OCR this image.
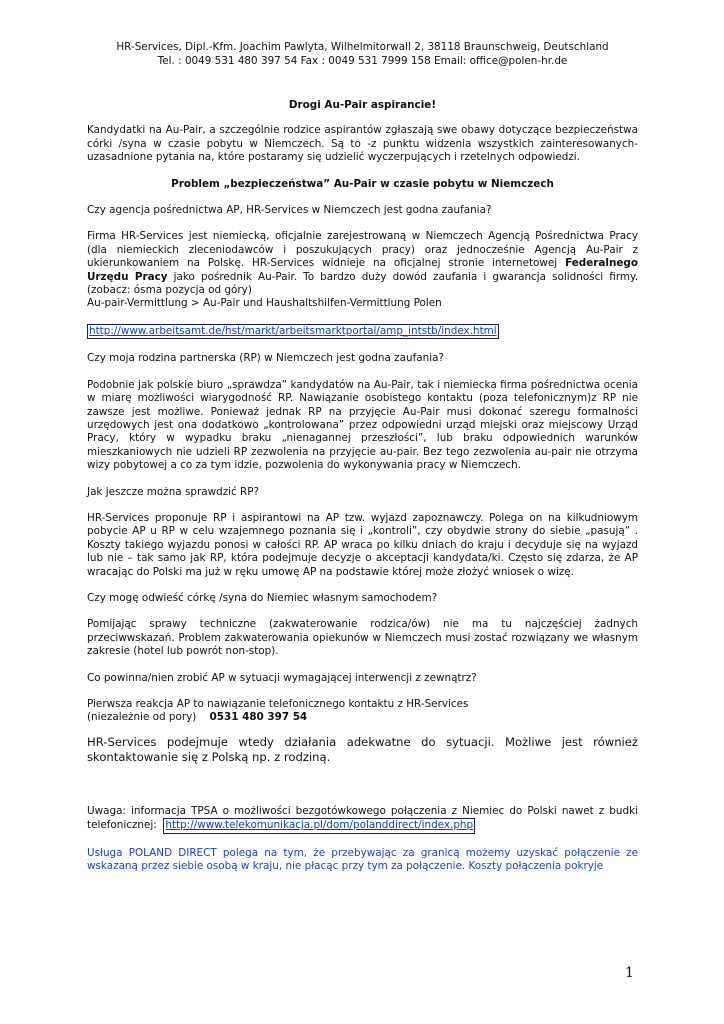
HR-Services, Dipl.-Kfm. Joachim Pawlyta, Wilhelmitorwall 2, 38118 Braunschweig, Deutschland
Tel. : 0049 531 480 397 54 Fax : 0049 531 7999 158 Email: office@polen-hr.de
Drogi Au-Pair aspirancie!

Kandydatki na Au-Pair, a szczególnie rodzice aspirantów zgłaszają swe obawy dotyczące bezpieczeństwa córki /syna w czasie pobytu w Niemczech. Są to -z punktu widzenia wszystkich zainteresowanych- uzasadnione pytania na, które postaramy się udzielić wyczerpujących i rzetelnych odpowiedzi.

Problem „bezpieczeństwa” Au-Pair w czasie pobytu w Niemczech

Czy agencja pośrednictwa AP, HR-Services w Niemczech jest godna zaufania?

Firma HR-Services jest niemiecką, oficjalnie zarejestrowaną w Niemczech Agencją Pośrednictwa Pracy (dla niemieckich zleceniodawców i poszukujących pracy) oraz jednocześnie Agencją Au-Pair z ukierunkowaniem na Polskę. HR-Services widnieje na oficjalnej stronie internetowej Federalnego Urzędu Pracy jako pośrednik Au-Pair. To bardzo duży dowód zaufania i gwarancja solidności firmy. (zobacz: ósma pozycja od góry)

Au-pair-Vermittlung > Au-Pair und Haushaltshilfen-Vermittlung Polen

http://www.arbeitsamt.de/hst/markt/arbeitsmarktportal/amp_intstb/index.html

Czy moja rodzina partnerska (RP) w Niemczech jest godna zaufania?

Podobnie jak polskie biuro „sprawdza” kandydatów na Au-Pair, tak i niemiecka firma pośrednictwa ocenia w miarę możliwości wiarygodność RP. Nawiązanie osobistego kontaktu (poza telefonicznym)z RP nie zawsze jest możliwe. Ponieważ jednak RP na przyjęcie Au-Pair musi dokonać szeregu formalności urzędowych jest ona dodatkowo „kontrolowana” przez odpowiedni urząd miejski oraz miejscowy Urząd Pracy, który w wypadku braku „nienagannej przeszłości”, lub braku odpowiednich warunków mieszkaniowych nie udzieli RP zezwolenia na przyjęcie au-pair. Bez tego zezwolenia au-pair nie otrzyma wizy pobytowej a co za tym idzie, pozwolenia do wykonywania pracy w Niemczech.

Jak jeszcze można sprawdzić RP?

HR-Services proponuje RP i aspirantowi na AP tzw. wyjazd zapoznawczy. Polega on na kilkudniowym pobycie AP u RP w celu wzajemnego poznania się i „kontroli”, czy obydwie strony do siebie „pasują” . Koszty takiego wyjazdu ponosi w całości RP. AP wraca po kilku dniach do kraju i decyduje się na wyjazd lub nie – tak samo jak RP, która podejmuje decyzje o akceptacji kandydata/ki. Często się zdarza, że AP wracając do Polski ma już w ręku umowę AP na podstawie której może złożyć wniosek o wizę.

Czy mogę odwieść córkę /syna do Niemiec własnym samochodem?

Pomijając sprawy techniczne (zakwaterowanie rodzica/ów) nie ma tu najczęściej żadnych przeciwwskazań. Problem zakwaterowania opiekunów w Niemczech musi zostać rozwiązany we własnym zakresie (hotel lub powrót non-stop).

Co powinna/nien zrobić AP w sytuacji wymagającej interwencji z zewnątrz?

Pierwsza reakcja AP to nawiązanie telefonicznego kontaktu z HR-Services
(niezależnie od pory)    0531 480 397 54

HR-Services podejmuje wtedy działania adekwatne do sytuacji. Możliwe jest również skontaktowanie się z Polską np. z rodziną.

Uwaga: informacja TPSA o możliwości bezgotówkowego połączenia z Niemiec do Polski nawet z budki telefonicznej:  http://www.telekomunikacja.pl/dom/polanddirect/index.php

Usługa POLAND DIRECT polega na tym, że przebywając za granicą możemy uzyskać połączenie ze wskazaną przez siebie osobą w kraju, nie płacąc przy tym za połączenie. Koszty połączenia pokryje

1
